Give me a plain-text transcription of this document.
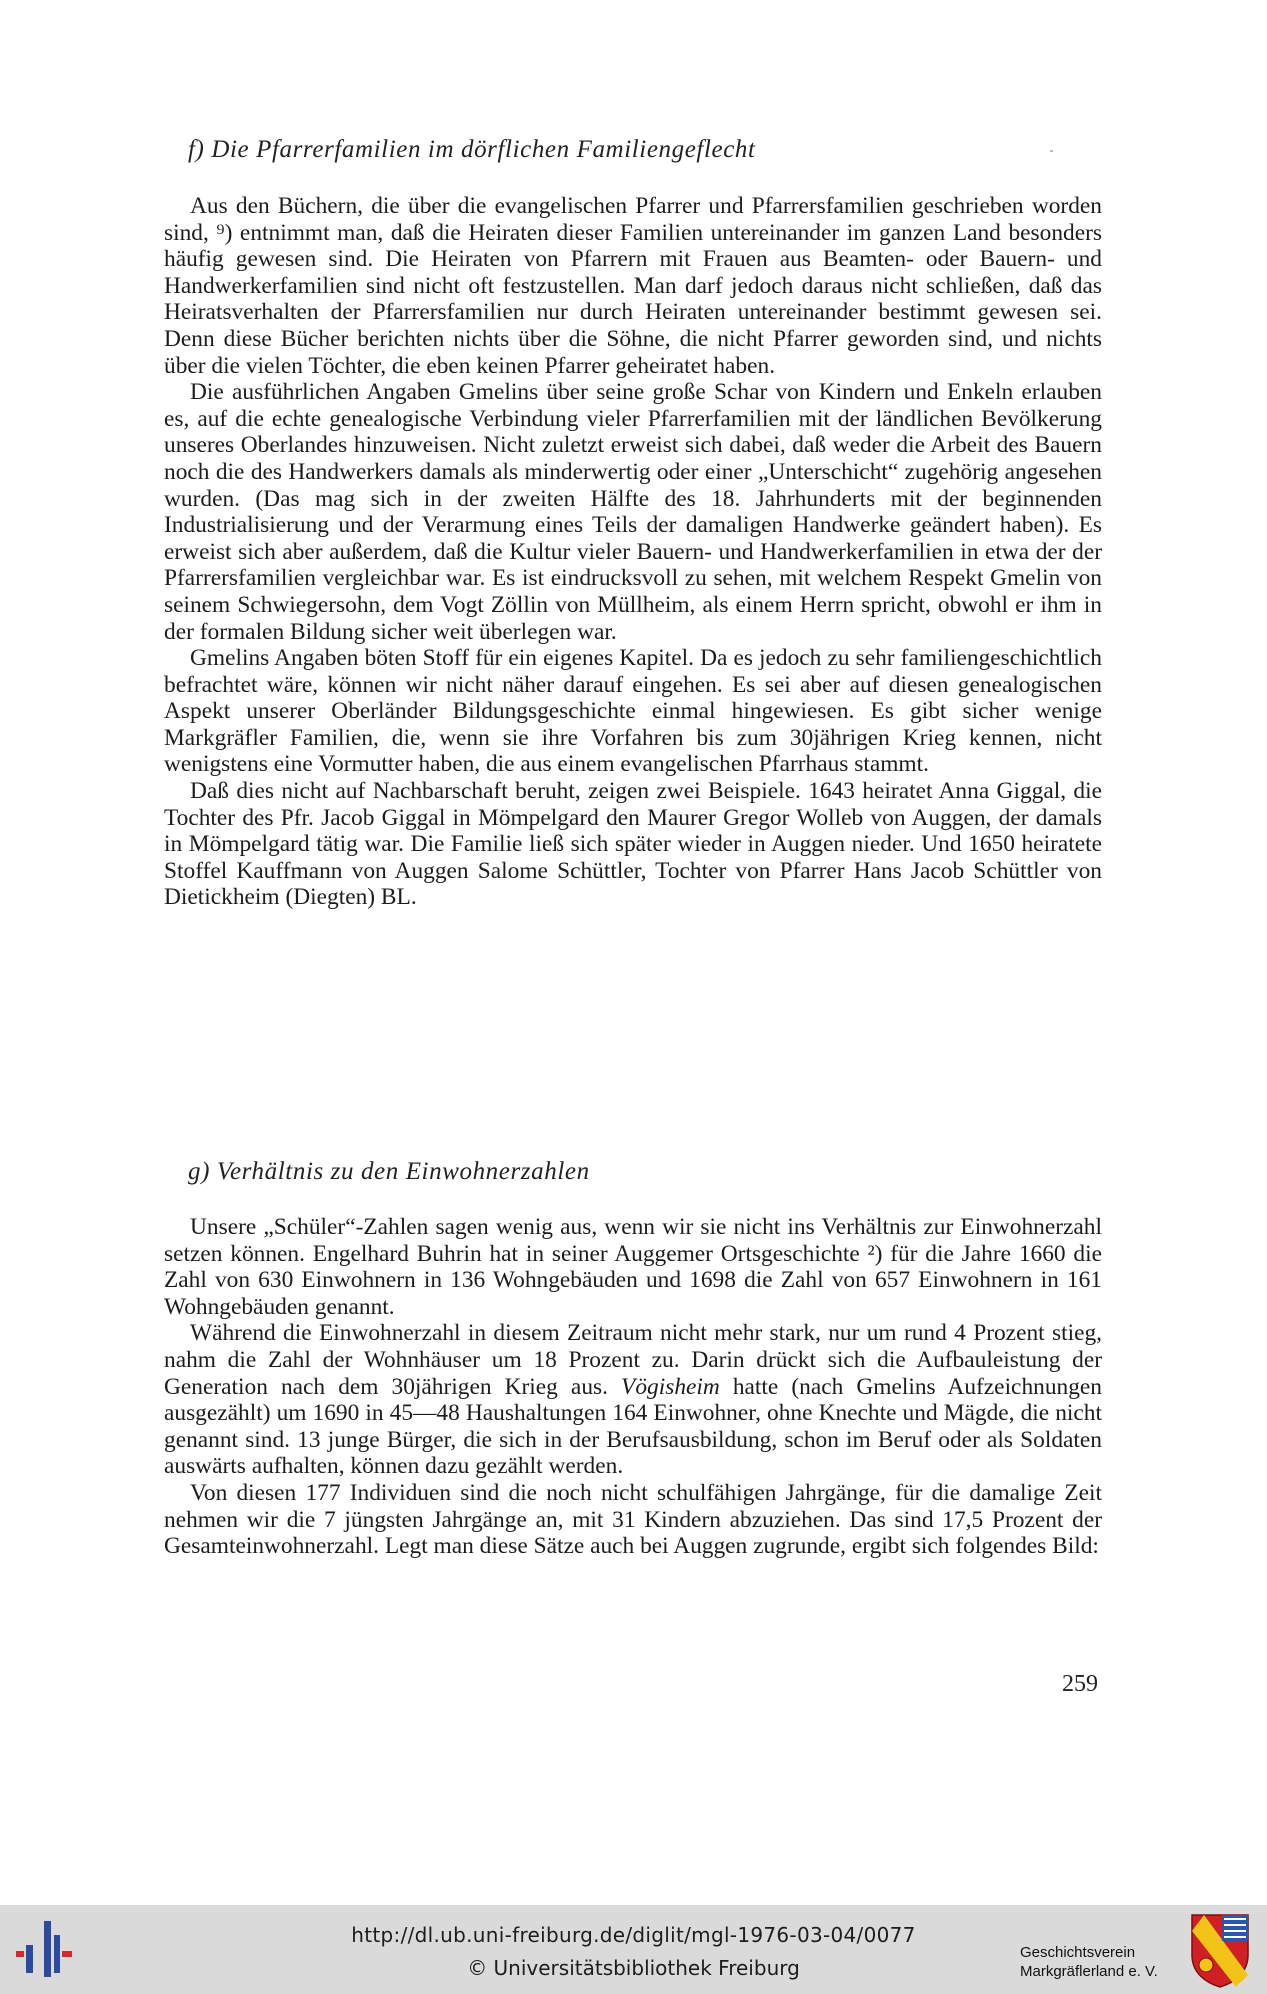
f) Die Pfarrerfamilien im dörflichen Familiengeflecht

Aus den Büchern, die über die evangelischen Pfarrer und Pfarrersfamilien geschrieben worden sind, ⁹) entnimmt man, daß die Heiraten dieser Familien untereinander im ganzen Land besonders häufig gewesen sind. Die Heiraten von Pfarrern mit Frauen aus Beamten- oder Bauern- und Handwerkerfamilien sind nicht oft festzustellen. Man darf jedoch daraus nicht schließen, daß das Heiratsverhalten der Pfarrersfamilien nur durch Heiraten untereinander bestimmt gewesen sei. Denn diese Bücher berichten nichts über die Söhne, die nicht Pfarrer geworden sind, und nichts über die vielen Töchter, die eben keinen Pfarrer geheiratet haben.

Die ausführlichen Angaben Gmelins über seine große Schar von Kindern und Enkeln erlauben es, auf die echte genealogische Verbindung vieler Pfarrerfamilien mit der ländlichen Bevölkerung unseres Oberlandes hinzuweisen. Nicht zuletzt erweist sich dabei, daß weder die Arbeit des Bauern noch die des Handwerkers damals als minderwertig oder einer „Unterschicht“ zugehörig angesehen wurden. (Das mag sich in der zweiten Hälfte des 18. Jahrhunderts mit der beginnenden Industrialisierung und der Verarmung eines Teils der damaligen Handwerke geändert haben). Es erweist sich aber außerdem, daß die Kultur vieler Bauern- und Handwerkerfamilien in etwa der der Pfarrersfamilien vergleichbar war. Es ist eindrucksvoll zu sehen, mit welchem Respekt Gmelin von seinem Schwiegersohn, dem Vogt Zöllin von Müllheim, als einem Herrn spricht, obwohl er ihm in der formalen Bildung sicher weit überlegen war.

Gmelins Angaben böten Stoff für ein eigenes Kapitel. Da es jedoch zu sehr familiengeschichtlich befrachtet wäre, können wir nicht näher darauf eingehen. Es sei aber auf diesen genealogischen Aspekt unserer Oberländer Bildungsgeschichte einmal hingewiesen. Es gibt sicher wenige Markgräfler Familien, die, wenn sie ihre Vorfahren bis zum 30jährigen Krieg kennen, nicht wenigstens eine Vormutter haben, die aus einem evangelischen Pfarrhaus stammt.

Daß dies nicht auf Nachbarschaft beruht, zeigen zwei Beispiele. 1643 heiratet Anna Giggal, die Tochter des Pfr. Jacob Giggal in Mömpelgard den Maurer Gregor Wolleb von Auggen, der damals in Mömpelgard tätig war. Die Familie ließ sich später wieder in Auggen nieder. Und 1650 heiratete Stoffel Kauffmann von Auggen Salome Schüttler, Tochter von Pfarrer Hans Jacob Schüttler von Dietickheim (Diegten) BL.

g) Verhältnis zu den Einwohnerzahlen

Unsere „Schüler“-Zahlen sagen wenig aus, wenn wir sie nicht ins Verhältnis zur Einwohnerzahl setzen können. Engelhard Buhrin hat in seiner Auggemer Ortsgeschichte ²) für die Jahre 1660 die Zahl von 630 Einwohnern in 136 Wohngebäuden und 1698 die Zahl von 657 Einwohnern in 161 Wohngebäuden genannt.

Während die Einwohnerzahl in diesem Zeitraum nicht mehr stark, nur um rund 4 Prozent stieg, nahm die Zahl der Wohnhäuser um 18 Prozent zu. Darin drückt sich die Aufbauleistung der Generation nach dem 30jährigen Krieg aus. Vögisheim hatte (nach Gmelins Aufzeichnungen ausgezählt) um 1690 in 45—48 Haushaltungen 164 Einwohner, ohne Knechte und Mägde, die nicht genannt sind. 13 junge Bürger, die sich in der Berufsausbildung, schon im Beruf oder als Soldaten auswärts aufhalten, können dazu gezählt werden.

Von diesen 177 Individuen sind die noch nicht schulfähigen Jahrgänge, für die damalige Zeit nehmen wir die 7 jüngsten Jahrgänge an, mit 31 Kindern abzuziehen. Das sind 17,5 Prozent der Gesamteinwohnerzahl. Legt man diese Sätze auch bei Auggen zugrunde, ergibt sich folgendes Bild:

259
http://dl.ub.uni-freiburg.de/diglit/mgl-1976-03-04/0077
© Universitätsbibliothek Freiburg
Geschichtsverein
Markgräflerland e. V.
